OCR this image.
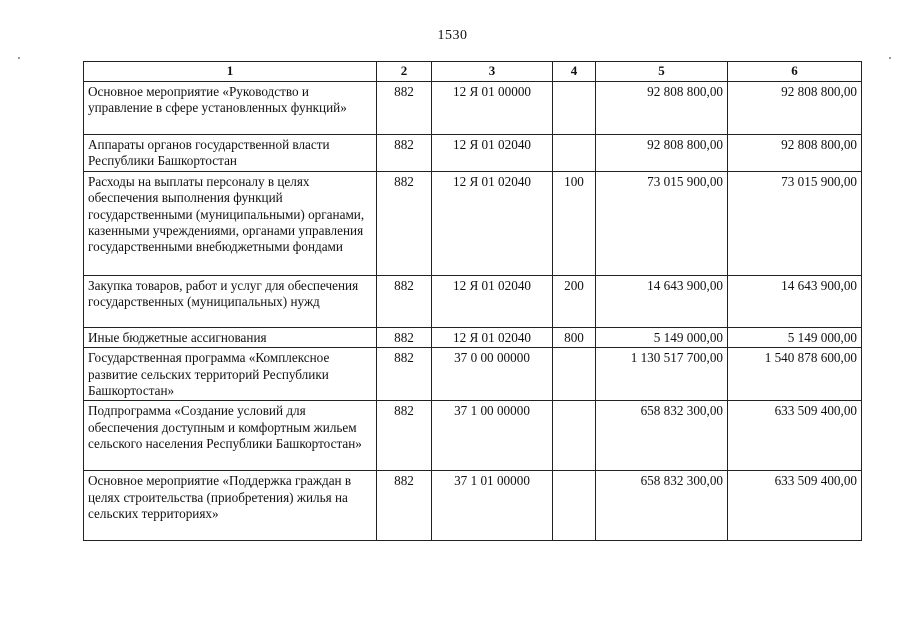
1530
1	2	3	4	5	6
Основное мероприятие «Руководство и управление в сфере установленных функций»	882	12 Я 01 00000		92 808 800,00	92 808 800,00
Аппараты органов государственной власти Республики Башкортостан	882	12 Я 01 02040		92 808 800,00	92 808 800,00
Расходы на выплаты персоналу в целях обеспечения выполнения функций государственными (муниципальными) органами, казенными учреждениями, органами управления государственными внебюджетными фондами	882	12 Я 01 02040	100	73 015 900,00	73 015 900,00
Закупка товаров, работ и услуг для обеспечения государственных (муниципальных) нужд	882	12 Я 01 02040	200	14 643 900,00	14 643 900,00
Иные бюджетные ассигнования	882	12 Я 01 02040	800	5 149 000,00	5 149 000,00
Государственная программа «Комплексное развитие сельских территорий Республики Башкортостан»	882	37 0 00 00000		1 130 517 700,00	1 540 878 600,00
Подпрограмма «Создание условий для обеспечения доступным и комфортным жильем сельского населения Республики Башкортостан»	882	37 1 00 00000		658 832 300,00	633 509 400,00
Основное мероприятие «Поддержка граждан в целях строительства (приобретения) жилья на сельских территориях»	882	37 1 01 00000		658 832 300,00	633 509 400,00
